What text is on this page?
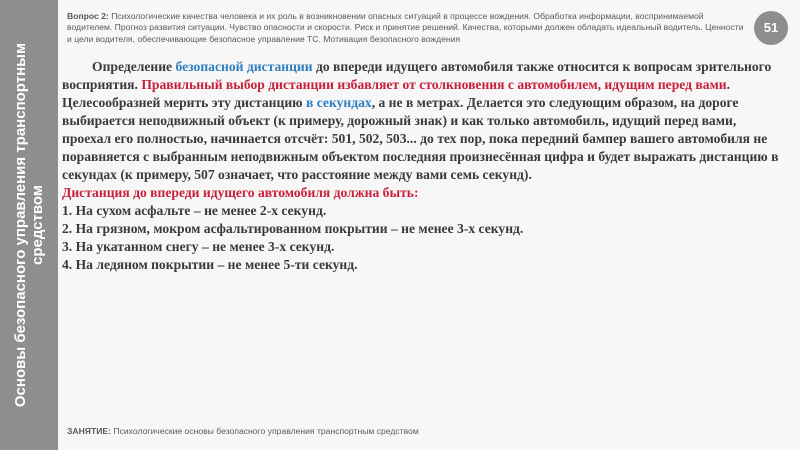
Основы безопасного управления транспортным средством
Вопрос 2: Психологические качества человека и их роль в возникновении опасных ситуаций в процессе вождения. Обработка информации, воспринимаемой водителем. Прогноз развития ситуации. Чувство опасности и скорости. Риск и принятие решений. Качества, которыми должен обладать идеальный водитель. Ценности и цели водителя, обеспечивающие безопасное управление ТС. Мотивация безопасного вождения
51

Определение безопасной дистанции до впереди идущего автомобиля также относится к вопросам зрительного восприятия. Правильный выбор дистанции избавляет от столкновения с автомобилем, идущим перед вами. Целесообразней мерить эту дистанцию в секундах, а не в метрах. Делается это следующим образом, на дороге выбирается неподвижный объект (к примеру, дорожный знак) и как только автомобиль, идущий перед вами, проехал его полностью, начинается отсчёт: 501, 502, 503... до тех пор, пока передний бампер вашего автомобиля не поравняется с выбранным неподвижным объектом последняя произнесённая цифра и будет выражать дистанцию в секундах (к примеру, 507 означает, что расстояние между вами семь секунд).

Дистанция до впереди идущего автомобиля должна быть:

1. На сухом асфальте – не менее 2-х секунд.

2. На грязном, мокром асфальтированном покрытии – не менее 3-х секунд.

3. На укатанном снегу – не менее 3-х секунд.

4. На ледяном покрытии – не менее 5-ти секунд.

ЗАНЯТИЕ: Психологические основы безопасного управления транспортным средством
